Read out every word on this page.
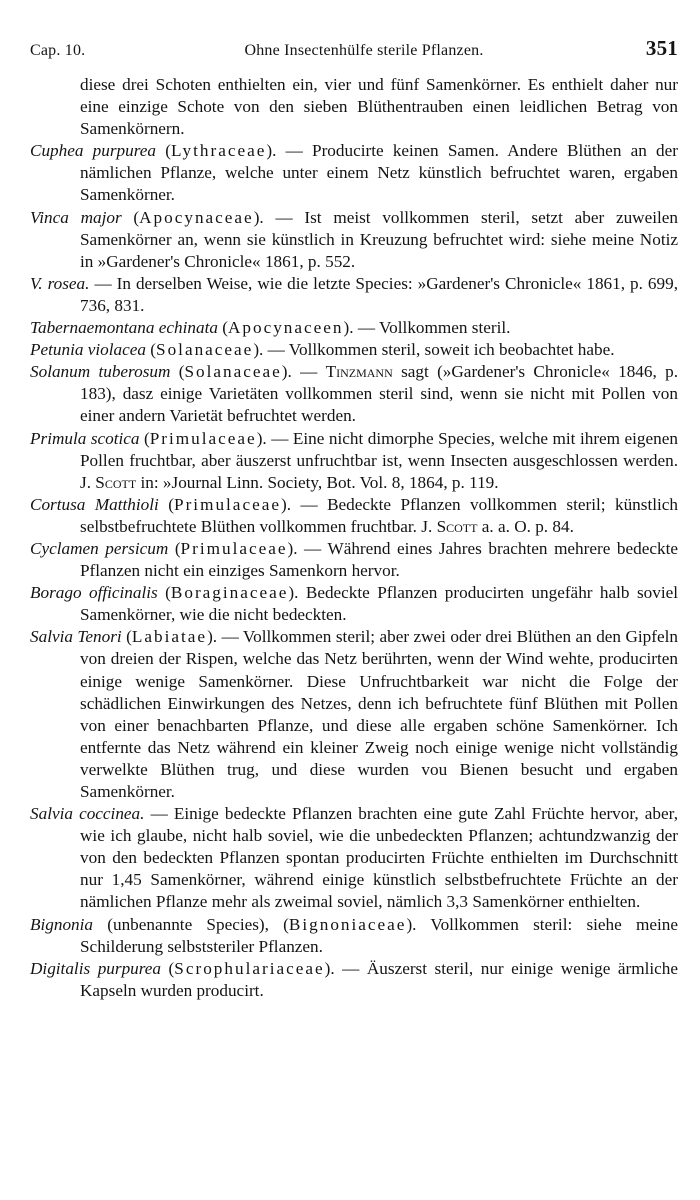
Cap. 10.	Ohne Insectenhülfe sterile Pflanzen.	351

diese drei Schoten enthielten ein, vier und fünf Samenkörner. Es enthielt daher nur eine einzige Schote von den sieben Blüthentrauben einen leidlichen Betrag von Samenkörnern.

Cuphea purpurea (Lythraceae). — Producirte keinen Samen. Andere Blüthen an der nämlichen Pflanze, welche unter einem Netz künstlich befruchtet waren, ergaben Samenkörner.

Vinca major (Apocynaceae). — Ist meist vollkommen steril, setzt aber zuweilen Samenkörner an, wenn sie künstlich in Kreuzung befruchtet wird: siehe meine Notiz in »Gardener's Chronicle« 1861, p. 552.

V. rosea. — In derselben Weise, wie die letzte Species: »Gardener's Chronicle« 1861, p. 699, 736, 831.

Tabernaemontana echinata (Apocynaceen). — Vollkommen steril.

Petunia violacea (Solanaceae). — Vollkommen steril, soweit ich beobachtet habe.

Solanum tuberosum (Solanaceae). — Tinzmann sagt (»Gardener's Chronicle« 1846, p. 183), dasz einige Varietäten vollkommen steril sind, wenn sie nicht mit Pollen von einer andern Varietät befruchtet werden.

Primula scotica (Primulaceae). — Eine nicht dimorphe Species, welche mit ihrem eigenen Pollen fruchtbar, aber äuszerst unfruchtbar ist, wenn Insecten ausgeschlossen werden. J. Scott in: »Journal Linn. Society, Bot. Vol. 8, 1864, p. 119.

Cortusa Matthioli (Primulaceae). — Bedeckte Pflanzen vollkommen steril; künstlich selbstbefruchtete Blüthen vollkommen fruchtbar. J. Scott a. a. O. p. 84.

Cyclamen persicum (Primulaceae). — Während eines Jahres brachten mehrere bedeckte Pflanzen nicht ein einziges Samenkorn hervor.

Borago officinalis (Boraginaceae). Bedeckte Pflanzen producirten ungefähr halb soviel Samenkörner, wie die nicht bedeckten.

Salvia Tenori (Labiatae). — Vollkommen steril; aber zwei oder drei Blüthen an den Gipfeln von dreien der Rispen, welche das Netz berührten, wenn der Wind wehte, producirten einige wenige Samenkörner. Diese Unfruchtbarkeit war nicht die Folge der schädlichen Einwirkungen des Netzes, denn ich befruchtete fünf Blüthen mit Pollen von einer benachbarten Pflanze, und diese alle ergaben schöne Samenkörner. Ich entfernte das Netz während ein kleiner Zweig noch einige wenige nicht vollständig verwelkte Blüthen trug, und diese wurden vou Bienen besucht und ergaben Samenkörner.

Salvia coccinea. — Einige bedeckte Pflanzen brachten eine gute Zahl Früchte hervor, aber, wie ich glaube, nicht halb soviel, wie die unbedeckten Pflanzen; achtundzwanzig der von den bedeckten Pflanzen spontan producirten Früchte enthielten im Durchschnitt nur 1,45 Samenkörner, während einige künstlich selbstbefruchtete Früchte an der nämlichen Pflanze mehr als zweimal soviel, nämlich 3,3 Samenkörner enthielten.

Bignonia (unbenannte Species), (Bignoniaceae). Vollkommen steril: siehe meine Schilderung selbststeriler Pflanzen.

Digitalis purpurea (Scrophulariaceae). — Äuszerst steril, nur einige wenige ärmliche Kapseln wurden producirt.
